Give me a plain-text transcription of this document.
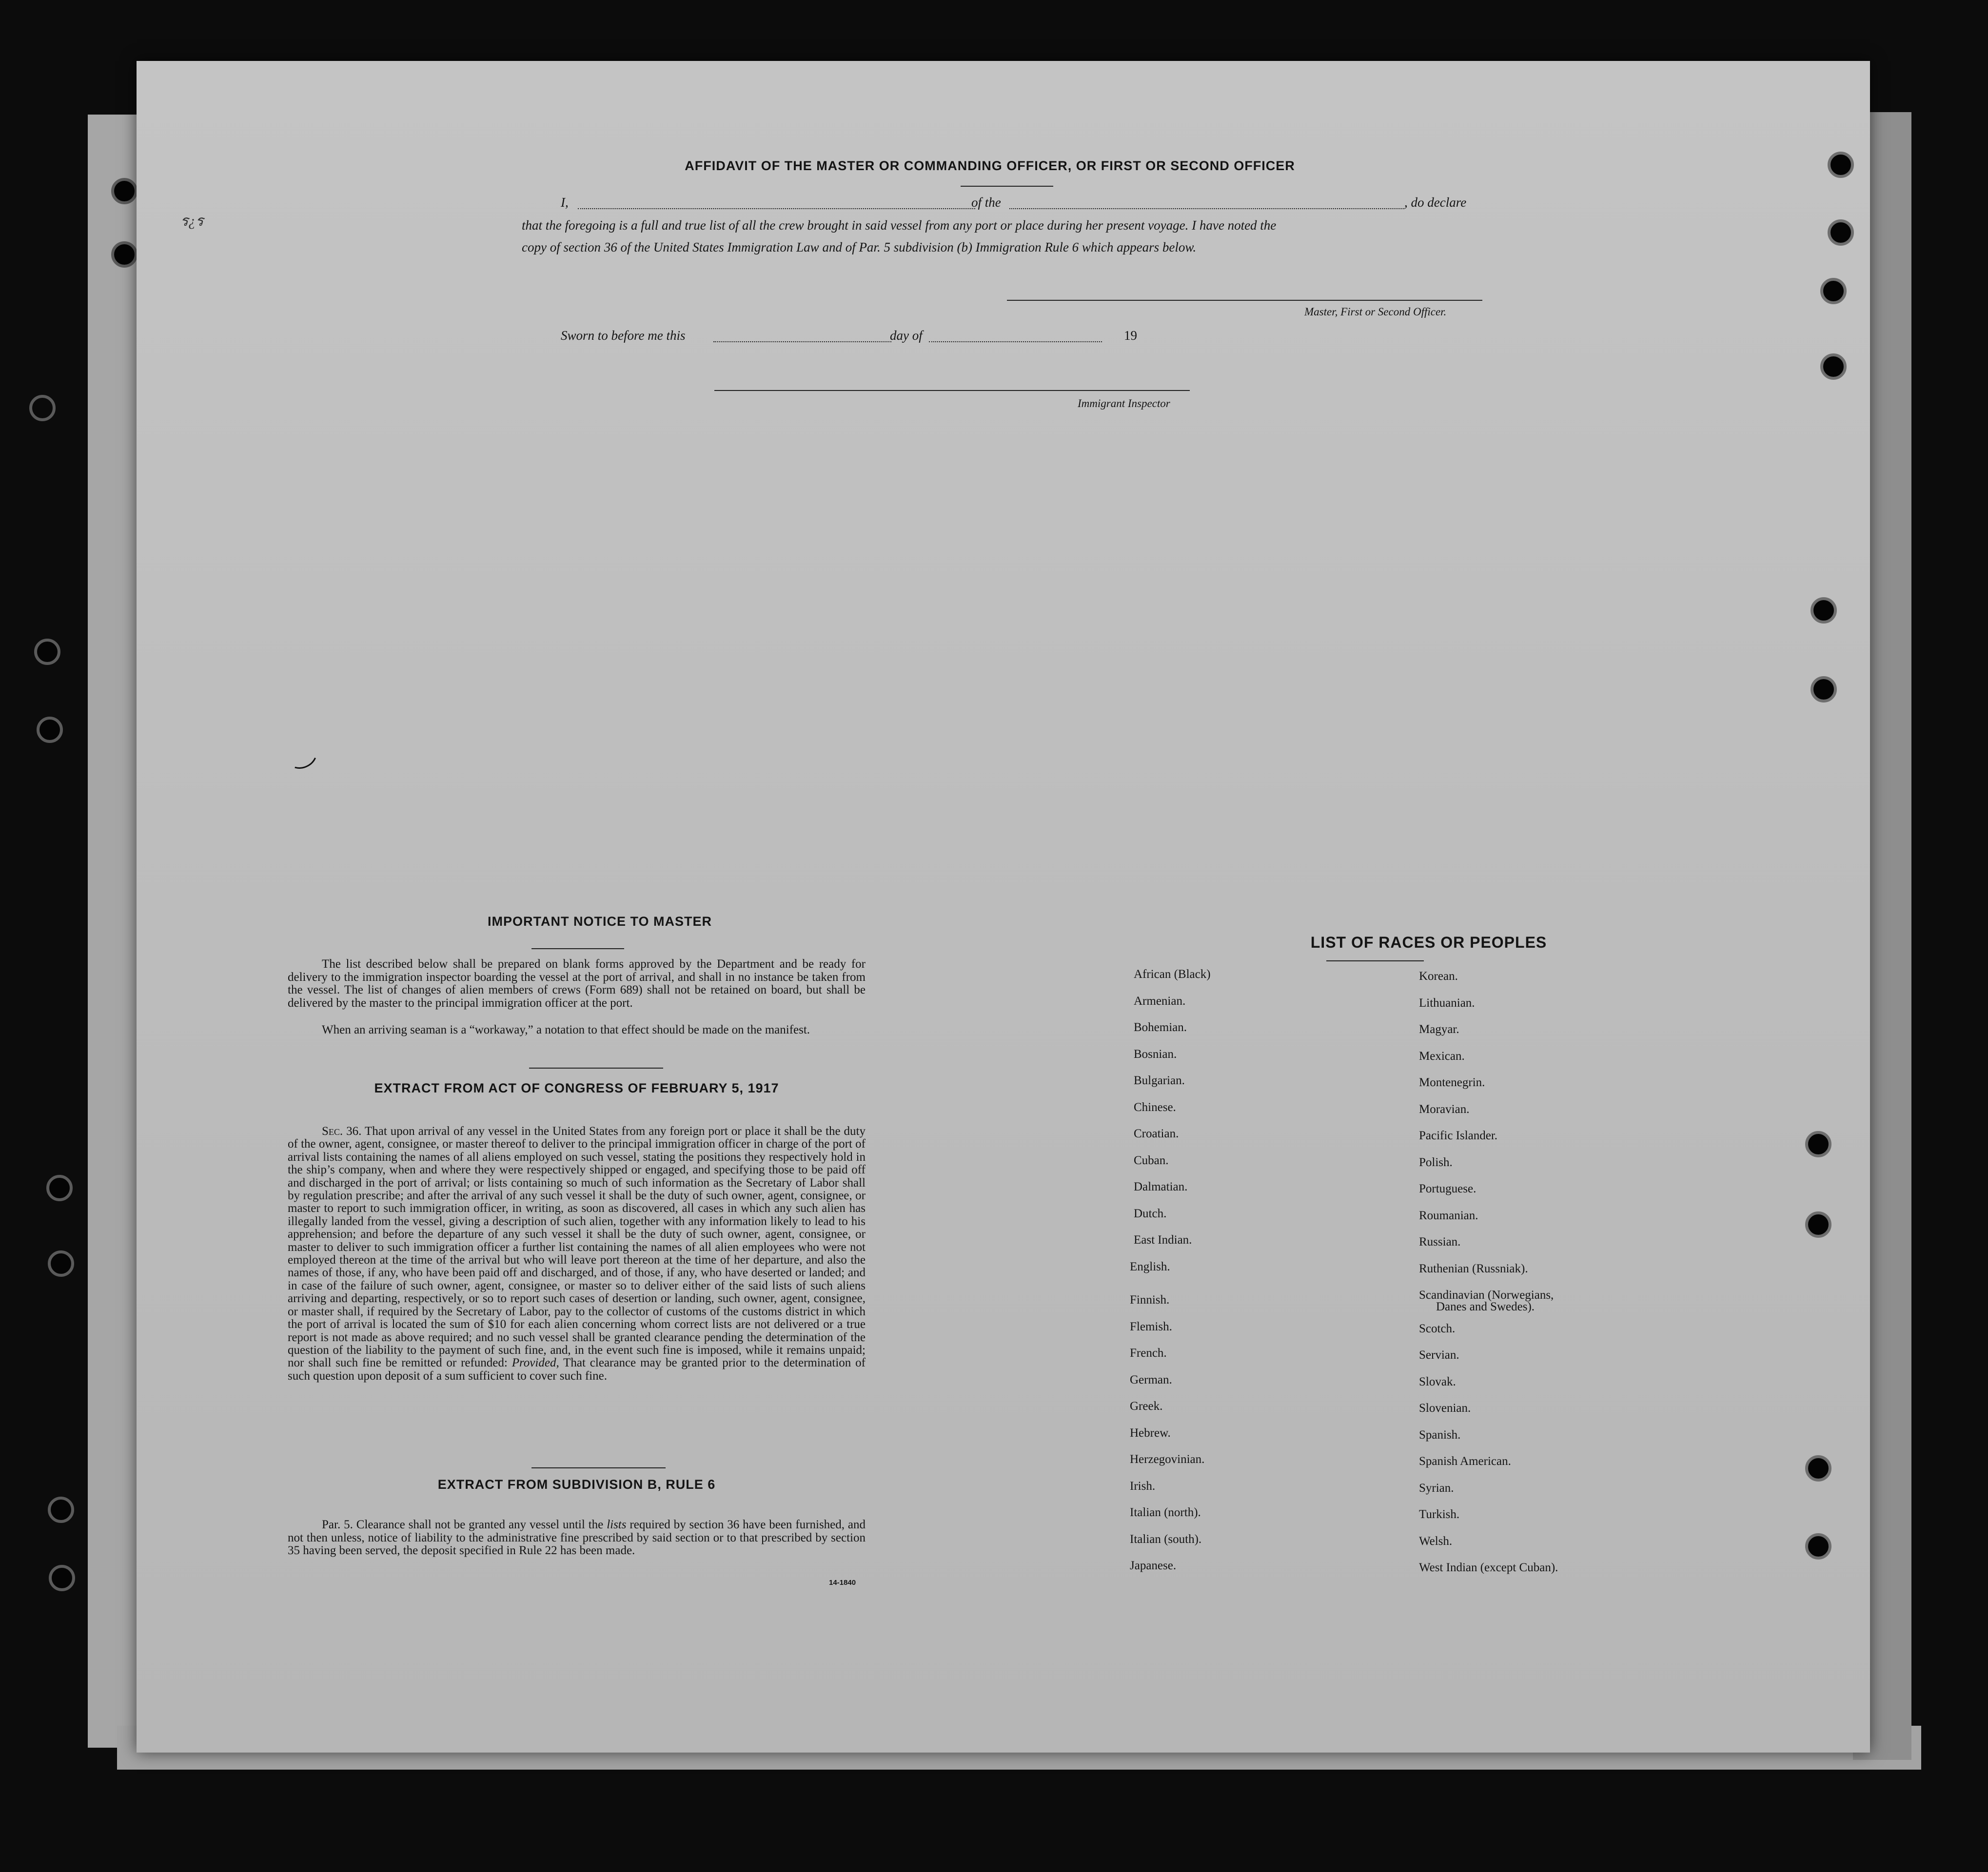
ร¿ร
AFFIDAVIT OF THE MASTER OR COMMANDING OFFICER, OR FIRST OR SECOND OFFICER
I,	of the	, do declare
that the foregoing is a full and true list of all the crew brought in said vessel from any port or place during her present voyage. I have noted the
copy of section 36 of the United States Immigration Law and of Par. 5 subdivision (b) Immigration Rule 6 which appears below.
Master, First or Second Officer.
Sworn to before me this	day of	19
Immigrant Inspector
IMPORTANT NOTICE TO MASTER
The list described below shall be prepared on blank forms approved by the Department and be ready for delivery to the immigration inspector boarding the vessel at the port of arrival, and shall in no instance be taken from the vessel. The list of changes of alien members of crews (Form 689) shall not be retained on board, but shall be delivered by the master to the principal immigration officer at the port.
When an arriving seaman is a “workaway,” a notation to that effect should be made on the manifest.
EXTRACT FROM ACT OF CONGRESS OF FEBRUARY 5, 1917
Sec. 36. That upon arrival of any vessel in the United States from any foreign port or place it shall be the duty of the owner, agent, consignee, or master thereof to deliver to the principal immigration officer in charge of the port of arrival lists containing the names of all aliens employed on such vessel, stating the positions they respectively hold in the ship’s company, when and where they were respectively shipped or engaged, and specifying those to be paid off and discharged in the port of arrival; or lists containing so much of such information as the Secretary of Labor shall by regulation prescribe; and after the arrival of any such vessel it shall be the duty of such owner, agent, consignee, or master to report to such immigration officer, in writing, as soon as discovered, all cases in which any such alien has illegally landed from the vessel, giving a description of such alien, together with any information likely to lead to his apprehension; and before the departure of any such vessel it shall be the duty of such owner, agent, consignee, or master to deliver to such immigration officer a further list containing the names of all alien employees who were not employed thereon at the time of the arrival but who will leave port thereon at the time of her departure, and also the names of those, if any, who have been paid off and discharged, and of those, if any, who have deserted or landed; and in case of the failure of such owner, agent, consignee, or master so to deliver either of the said lists of such aliens arriving and departing, respectively, or so to report such cases of desertion or landing, such owner, agent, consignee, or master shall, if required by the Secretary of Labor, pay to the collector of customs of the customs district in which the port of arrival is located the sum of $10 for each alien concerning whom correct lists are not delivered or a true report is not made as above required; and no such vessel shall be granted clearance pending the determination of the question of the liability to the payment of such fine, and, in the event such fine is imposed, while it remains unpaid; nor shall such fine be remitted or refunded: Provided, That clearance may be granted prior to the determination of such question upon deposit of a sum sufficient to cover such fine.
EXTRACT FROM SUBDIVISION B, RULE 6
Par. 5. Clearance shall not be granted any vessel until the lists required by section 36 have been furnished, and not then unless, notice of liability to the administrative fine prescribed by said section or to that prescribed by section 35 having been served, the deposit specified in Rule 22 has been made.
14-1840
LIST OF RACES OR PEOPLES
African (Black)
Armenian.
Bohemian.
Bosnian.
Bulgarian.
Chinese.
Croatian.
Cuban.
Dalmatian.
Dutch.
East Indian.
English.
Finnish.
Flemish.
French.
German.
Greek.
Hebrew.
Herzegovinian.
Irish.
Italian (north).
Italian (south).
Japanese.
Korean.
Lithuanian.
Magyar.
Mexican.
Montenegrin.
Moravian.
Pacific Islander.
Polish.
Portuguese.
Roumanian.
Russian.
Ruthenian (Russniak).
Scandinavian (Norwegians,
Scotch.
Servian.
Slovak.
Slovenian.
Spanish.
Spanish American.
Syrian.
Turkish.
Welsh.
West Indian (except Cuban).
Danes and Swedes).
